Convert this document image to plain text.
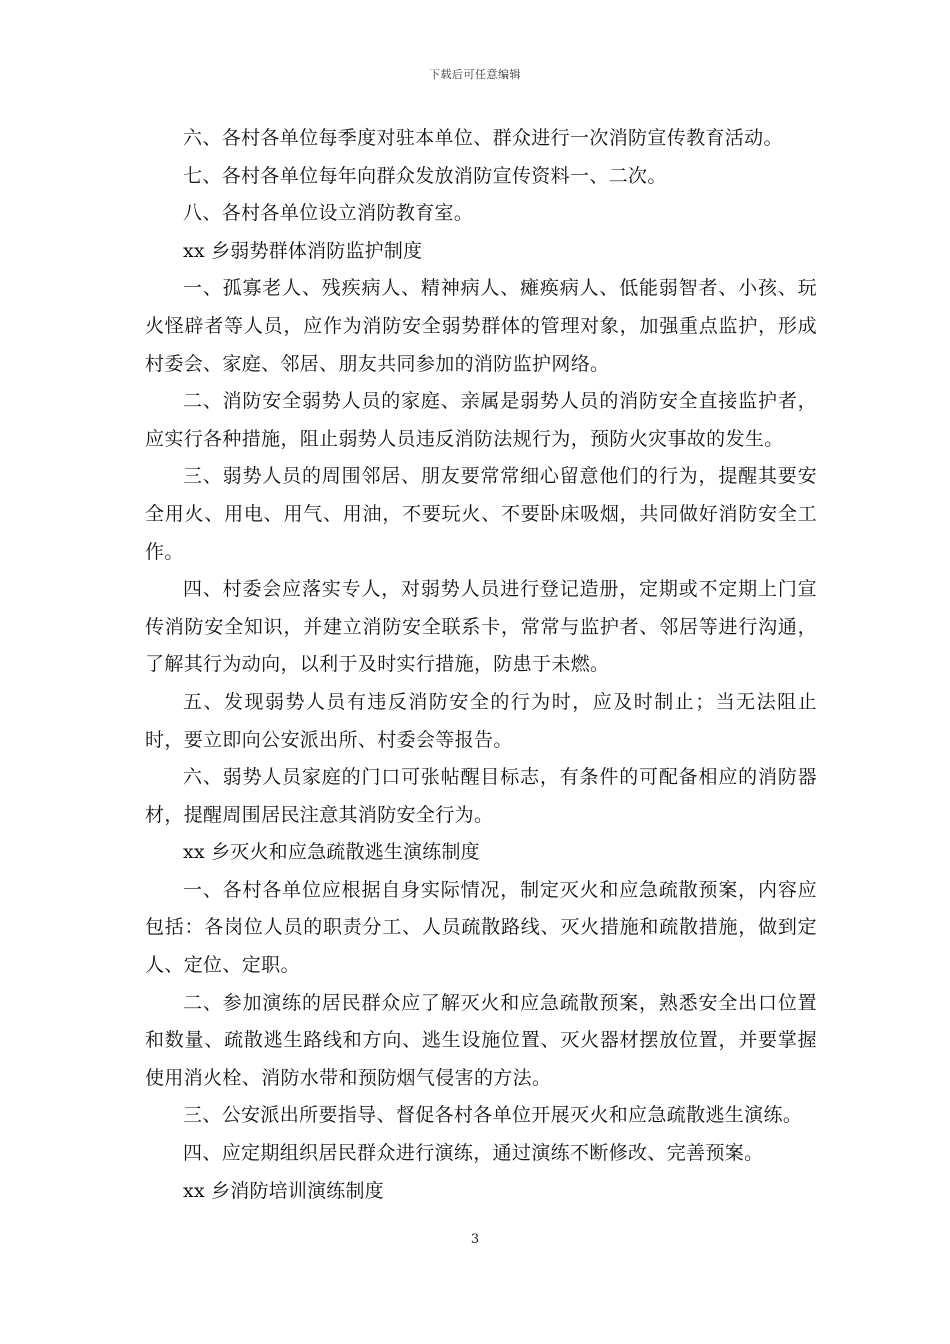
下载后可任意编辑

六、各村各单位每季度对驻本单位、群众进行一次消防宣传教育活动。

七、各村各单位每年向群众发放消防宣传资料一、二次。

八、各村各单位设立消防教育室。

xx 乡弱势群体消防监护制度

一、孤寡老人、残疾病人、精神病人、瘫痪病人、低能弱智者、小孩、玩火怪辟者等人员，应作为消防安全弱势群体的管理对象，加强重点监护，形成村委会、家庭、邻居、朋友共同参加的消防监护网络。

二、消防安全弱势人员的家庭、亲属是弱势人员的消防安全直接监护者，应实行各种措施，阻止弱势人员违反消防法规行为，预防火灾事故的发生。

三、弱势人员的周围邻居、朋友要常常细心留意他们的行为，提醒其要安全用火、用电、用气、用油，不要玩火、不要卧床吸烟，共同做好消防安全工作。

四、村委会应落实专人，对弱势人员进行登记造册，定期或不定期上门宣传消防安全知识，并建立消防安全联系卡，常常与监护者、邻居等进行沟通，了解其行为动向，以利于及时实行措施，防患于未燃。

五、发现弱势人员有违反消防安全的行为时，应及时制止；当无法阻止时，要立即向公安派出所、村委会等报告。

六、弱势人员家庭的门口可张帖醒目标志，有条件的可配备相应的消防器材，提醒周围居民注意其消防安全行为。

xx 乡灭火和应急疏散逃生演练制度

一、各村各单位应根据自身实际情况，制定灭火和应急疏散预案，内容应包括：各岗位人员的职责分工、人员疏散路线、灭火措施和疏散措施，做到定人、定位、定职。

二、参加演练的居民群众应了解灭火和应急疏散预案，熟悉安全出口位置和数量、疏散逃生路线和方向、逃生设施位置、灭火器材摆放位置，并要掌握使用消火栓、消防水带和预防烟气侵害的方法。

三、公安派出所要指导、督促各村各单位开展灭火和应急疏散逃生演练。

四、应定期组织居民群众进行演练，通过演练不断修改、完善预案。

xx 乡消防培训演练制度

3
